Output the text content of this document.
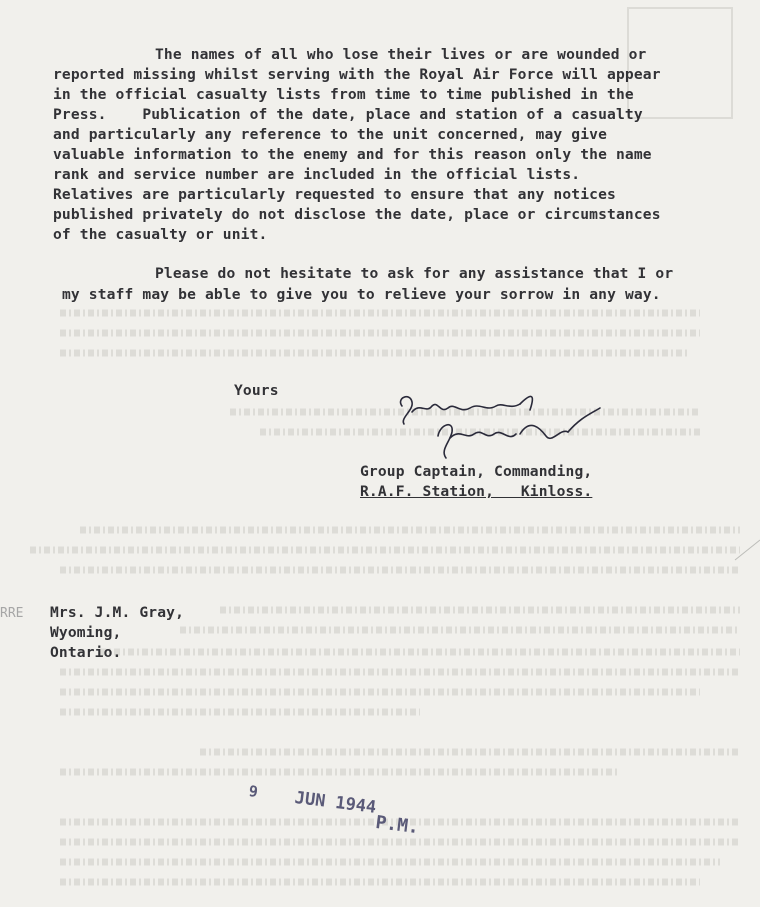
The names of all who lose their lives or are wounded or
reported missing whilst serving with the Royal Air Force will appear
in the official casualty lists from time to time published in the
Press.    Publication of the date, place and station of a casualty
and particularly any reference to the unit concerned, may give
valuable information to the enemy and for this reason only the name
rank and service number are included in the official lists.
Relatives are particularly requested to ensure that any notices
published privately do not disclose the date, place or circumstances
of the casualty or unit.
Please do not hesitate to ask for any assistance that I or
my staff may be able to give you to relieve your sorrow in any way.
Yours
Group Captain, Commanding,
R.A.F. Station,   Kinloss.
RRE Mrs. J.M. Gray,
Wyoming,
Ontario.
9 JUN 1944
P.M.
